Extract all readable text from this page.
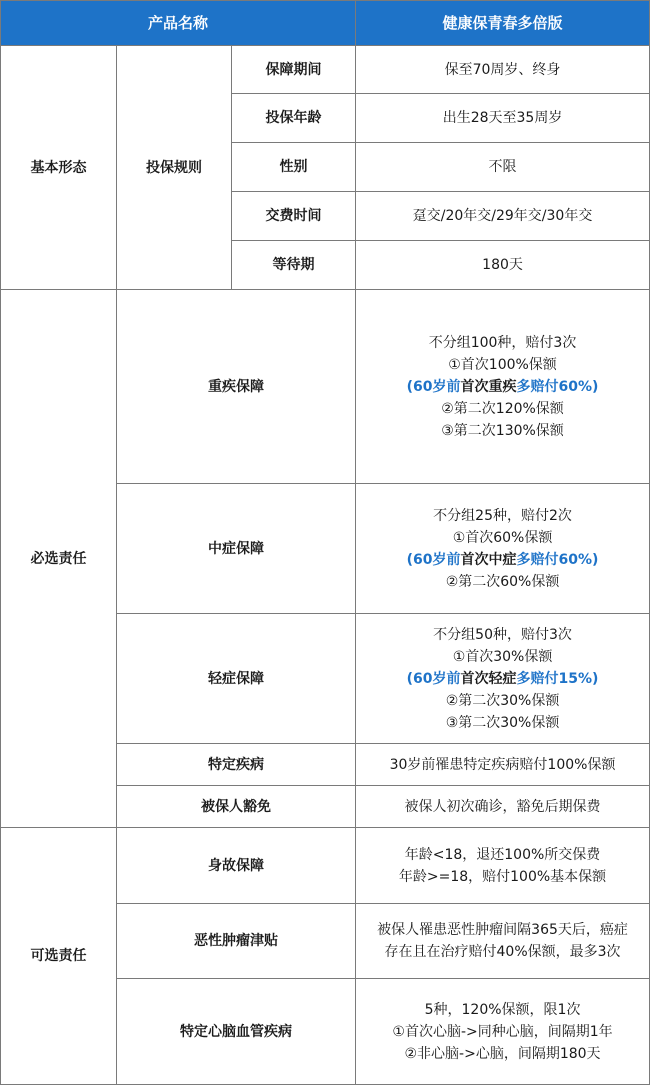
产品名称			健康保青春多倍版
基本形态	投保规则	保障期间	保至70周岁、终身
		投保年龄	出生28天至35周岁
		性别	不限
		交费时间	趸交/20年交/29年交/30年交
		等待期	180天
必选责任	重疾保障		不分组100种，赔付3次
①首次100%保额
(60岁前首次重疾多赔付60%)
②第二次120%保额
③第二次130%保额

	中症保障		不分组25种，赔付2次
①首次60%保额
(60岁前首次中症多赔付60%)
②第二次60%保额

	轻症保障		不分组50种，赔付3次
①首次30%保额
(60岁前首次轻症多赔付15%)
②第二次30%保额
③第二次30%保额

	特定疾病		30岁前罹患特定疾病赔付100%保额
	被保人豁免		被保人初次确诊，豁免后期保费
可选责任	身故保障		年龄<18，退还100%所交保费
年龄>=18，赔付100%基本保额

	恶性肿瘤津贴		被保人罹患恶性肿瘤间隔365天后，癌症
存在且在治疗赔付40%保额，最多3次

	特定心脑血管疾病		5种，120%保额，限1次
①首次心脑->同种心脑，间隔期1年
②非心脑->心脑，间隔期180天
